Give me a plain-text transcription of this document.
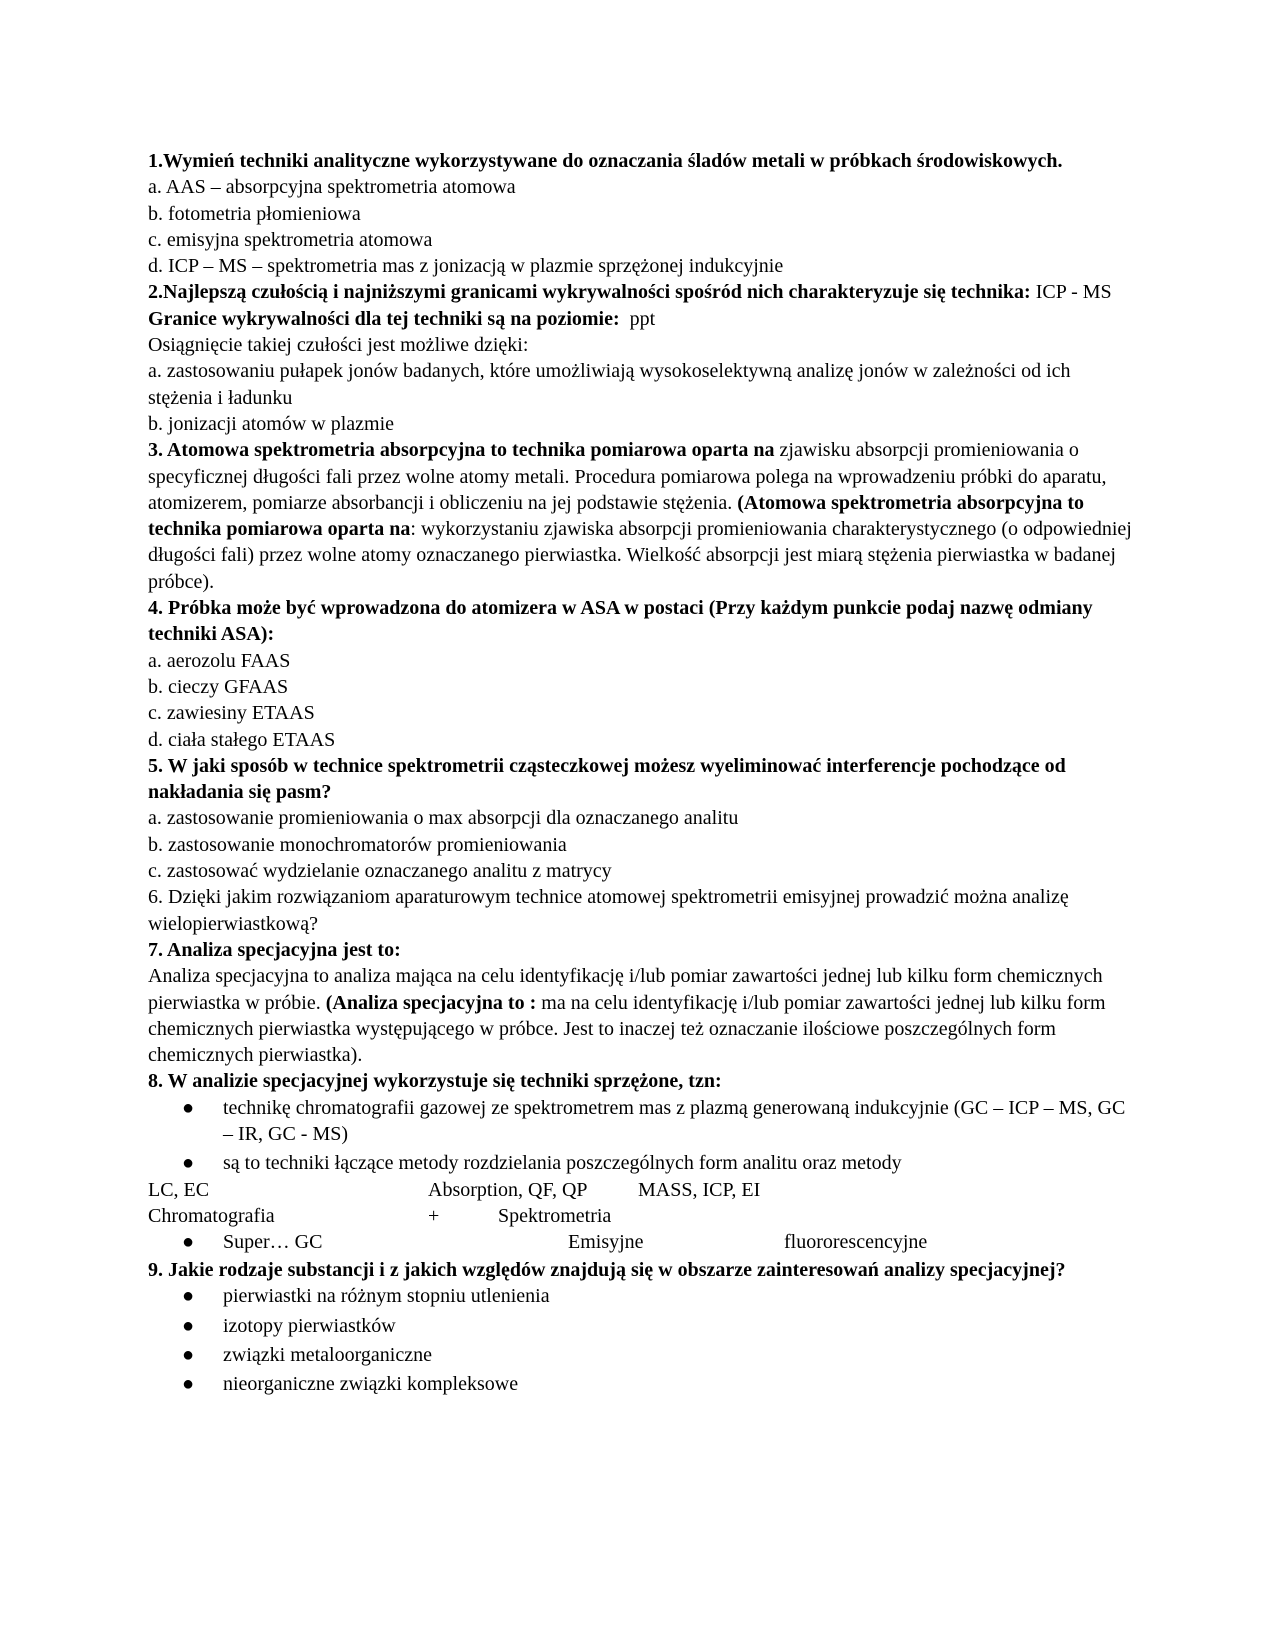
1.Wymień techniki analityczne wykorzystywane do oznaczania śladów metali w próbkach środowiskowych.

a. AAS – absorpcyjna spektrometria atomowa

b. fotometria płomieniowa

c. emisyjna spektrometria atomowa

d. ICP – MS – spektrometria mas z jonizacją w plazmie sprzężonej indukcyjnie

2.Najlepszą czułością i najniższymi granicami wykrywalności spośród nich charakteryzuje się technika: ICP - MS

Granice wykrywalności dla tej techniki są na poziomie:  ppt

Osiągnięcie takiej czułości jest możliwe dzięki:

a. zastosowaniu pułapek jonów badanych, które umożliwiają wysokoselektywną analizę jonów w zależności od ich stężenia i ładunku

b. jonizacji atomów w plazmie

3. Atomowa spektrometria absorpcyjna to technika pomiarowa oparta na zjawisku absorpcji promieniowania o specyficznej długości fali przez wolne atomy metali. Procedura pomiarowa polega na wprowadzeniu próbki do aparatu, atomizerem, pomiarze absorbancji i obliczeniu na jej podstawie stężenia. (Atomowa spektrometria absorpcyjna to technika pomiarowa oparta na: wykorzystaniu zjawiska absorpcji promieniowania charakterystycznego (o odpowiedniej długości fali) przez wolne atomy oznaczanego pierwiastka. Wielkość absorpcji jest miarą stężenia pierwiastka w badanej próbce).

4. Próbka może być wprowadzona do atomizera w ASA w postaci (Przy każdym punkcie podaj nazwę odmiany techniki ASA):

a. aerozolu FAAS

b. cieczy GFAAS

c. zawiesiny ETAAS

d. ciała stałego ETAAS

5. W jaki sposób w technice spektrometrii cząsteczkowej możesz wyeliminować interferencje pochodzące od nakładania się pasm?

a. zastosowanie promieniowania o max absorpcji dla oznaczanego analitu

b. zastosowanie monochromatorów promieniowania

c. zastosować wydzielanie oznaczanego analitu z matrycy

6. Dzięki jakim rozwiązaniom aparaturowym technice atomowej spektrometrii emisyjnej prowadzić można analizę wielopierwiastkową?

7. Analiza specjacyjna jest to:

Analiza specjacyjna to analiza mająca na celu identyfikację i/lub pomiar zawartości jednej lub kilku form chemicznych pierwiastka w próbie. (Analiza specjacyjna to : ma na celu identyfikację i/lub pomiar zawartości jednej lub kilku form chemicznych pierwiastka występującego w próbce. Jest to inaczej też oznaczanie ilościowe poszczególnych form chemicznych pierwiastka).

8. W analizie specjacyjnej wykorzystuje się techniki sprzężone, tzn:

● technikę chromatografii gazowej ze spektrometrem mas z plazmą generowaną indukcyjnie (GC – ICP – MS, GC – IR, GC - MS)
● są to techniki łączące metody rozdzielania poszczególnych form analitu oraz metody
LC, EC	Absorption, QF, QP	MASS, ICP, EI
Chromatografia	+	Spektrometria
● Super… GC	Emisyjne	fluororescencyjne

9. Jakie rodzaje substancji i z jakich względów znajdują się w obszarze zainteresowań analizy specjacyjnej?

● pierwiastki na różnym stopniu utlenienia
● izotopy pierwiastków
● związki metaloorganiczne
● nieorganiczne związki kompleksowe
